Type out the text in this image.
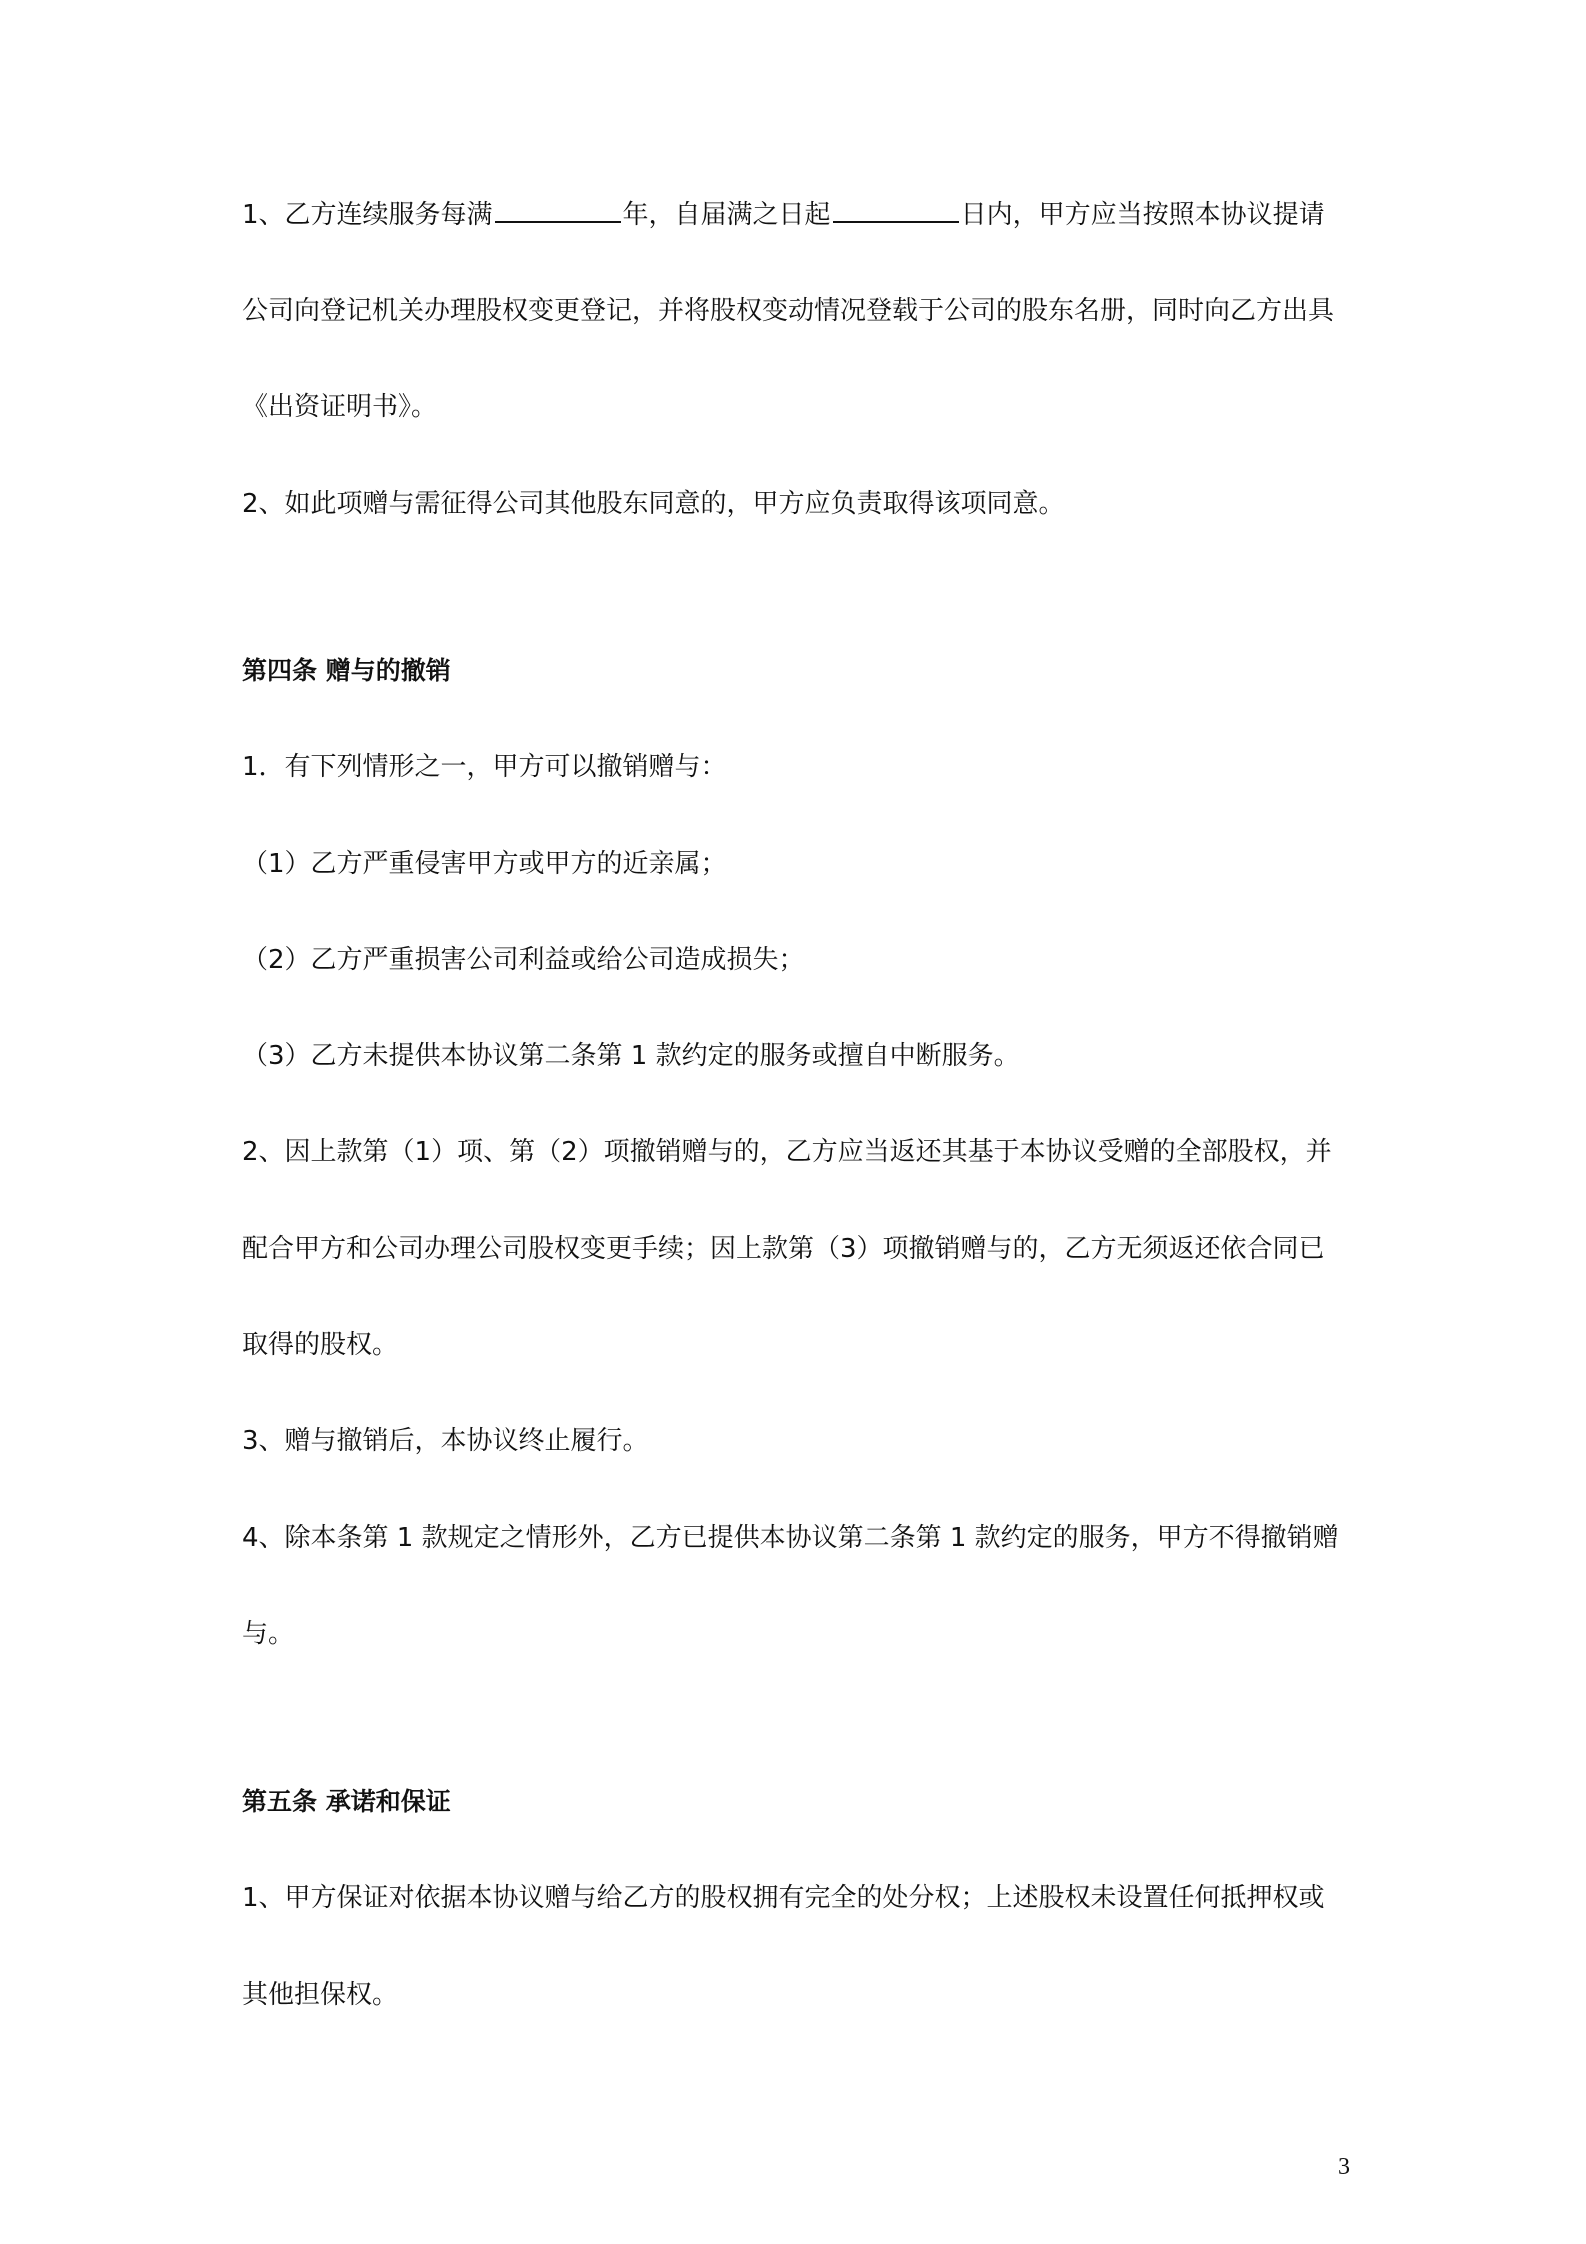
1、乙方连续服务每满	年，自届满之日起	日内，甲方应当按照本协议提请
公司向登记机关办理股权变更登记，并将股权变动情况登载于公司的股东名册，同时向乙方出具
《出资证明书》。
2、如此项赠与需征得公司其他股东同意的，甲方应负责取得该项同意。
第四条 赠与的撤销
1．有下列情形之一，甲方可以撤销赠与：
（1）乙方严重侵害甲方或甲方的近亲属；
（2）乙方严重损害公司利益或给公司造成损失；
（3）乙方未提供本协议第二条第 1 款约定的服务或擅自中断服务。
2、因上款第（1）项、第（2）项撤销赠与的，乙方应当返还其基于本协议受赠的全部股权，并
配合甲方和公司办理公司股权变更手续；因上款第（3）项撤销赠与的，乙方无须返还依合同已
取得的股权。
3、赠与撤销后，本协议终止履行。
4、除本条第 1 款规定之情形外，乙方已提供本协议第二条第 1 款约定的服务，甲方不得撤销赠
与。
第五条 承诺和保证
1、甲方保证对依据本协议赠与给乙方的股权拥有完全的处分权；上述股权未设置任何抵押权或
其他担保权。
3
